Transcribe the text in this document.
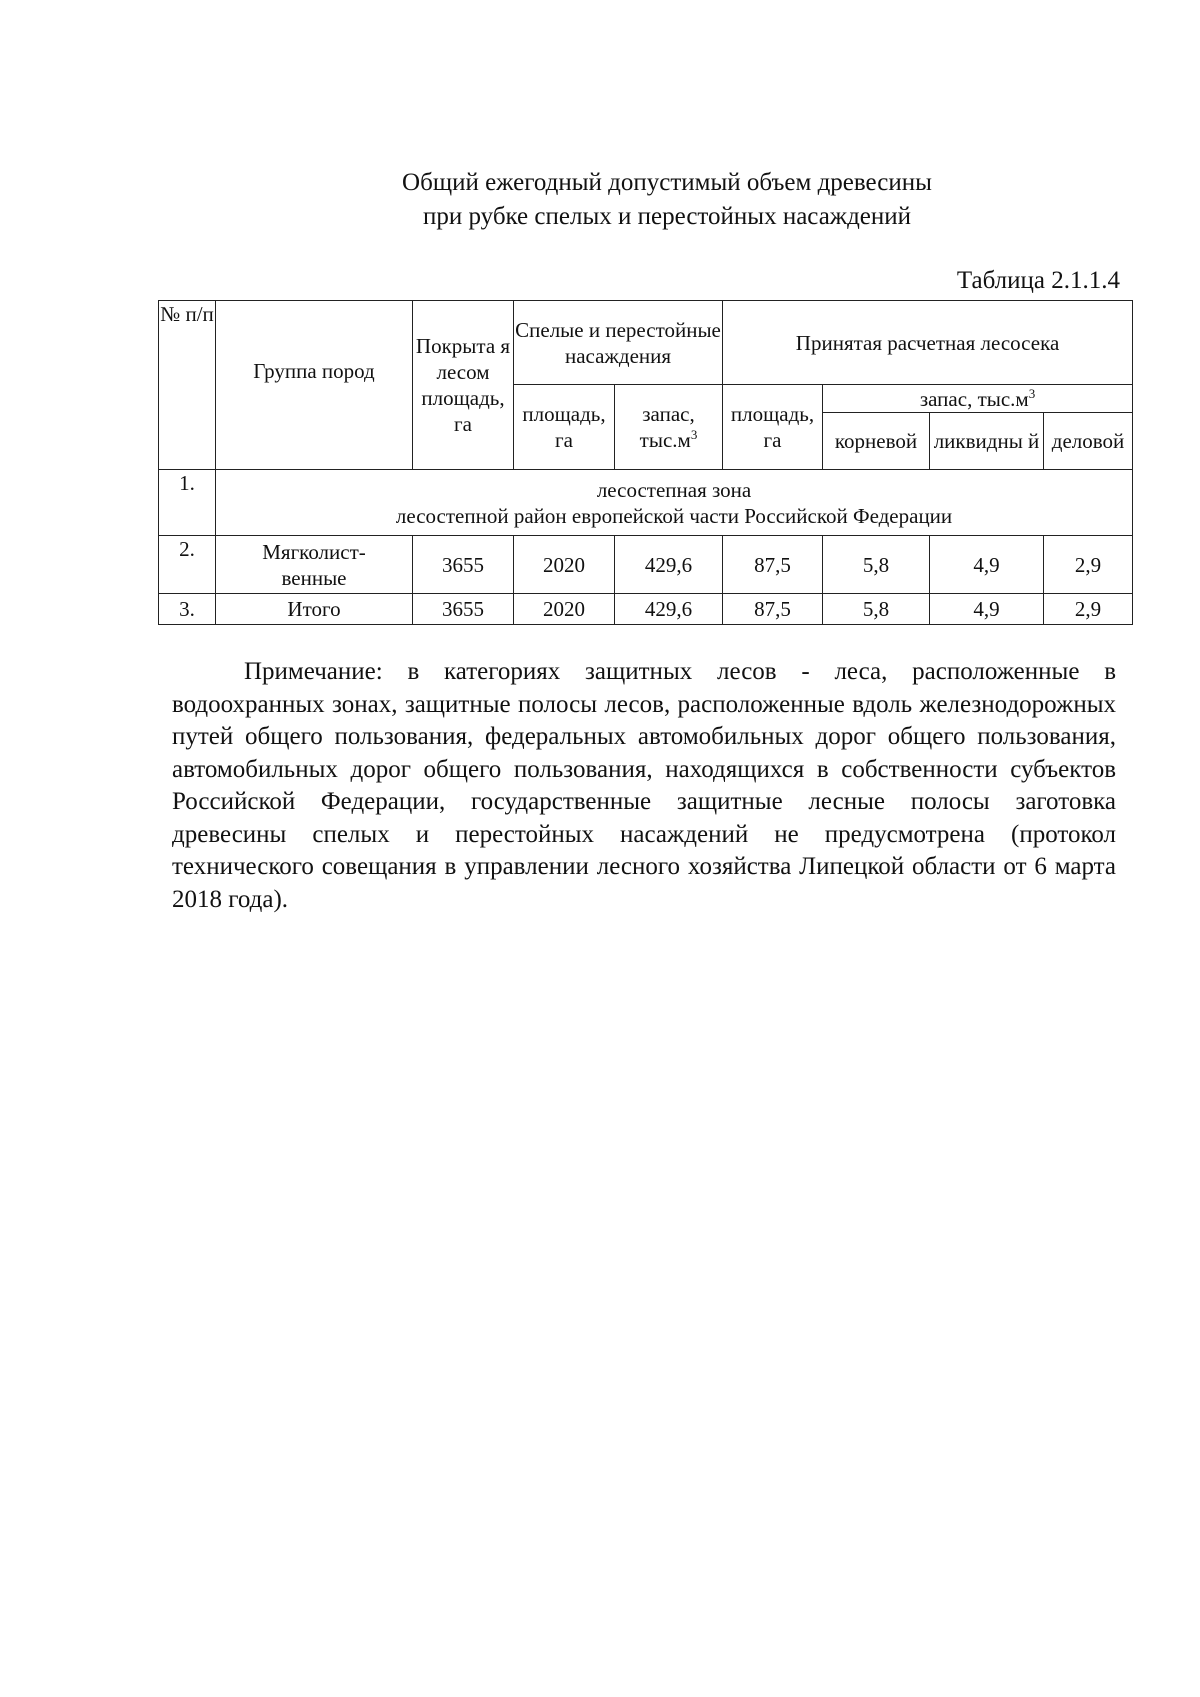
Общий ежегодный допустимый объем древесины
при рубке спелых и перестойных насаждений
Таблица 2.1.1.4
№ п/п	Группа пород	Покрыта я лесом площадь, га	Спелые и перестойные насаждения		Принятая расчетная лесосека			
			площадь, га	запас, $тыс.м^3$	площадь, га	запас, $тыс.м^3$
						корневой	ликвидны й	деловой
1.	лесостепная зона
лесостепной район европейской части Российской Федерации							

2.	Мягколист-венные	3655	2020	429,6	87,5	5,8	4,9	2,9
3.	Итого	3655	2020	429,6	87,5	5,8	4,9	2,9

Примечание: в категориях защитных лесов - леса, расположенные в водоохранных зонах, защитные полосы лесов, расположенные вдоль железнодорожных путей общего пользования, федеральных автомобильных дорог общего пользования, автомобильных дорог общего пользования, находящихся в собственности субъектов Российской Федерации, государственные защитные лесные полосы заготовка древесины спелых и перестойных насаждений не предусмотрена (протокол технического совещания в управлении лесного хозяйства Липецкой области от 6 марта 2018 года).
